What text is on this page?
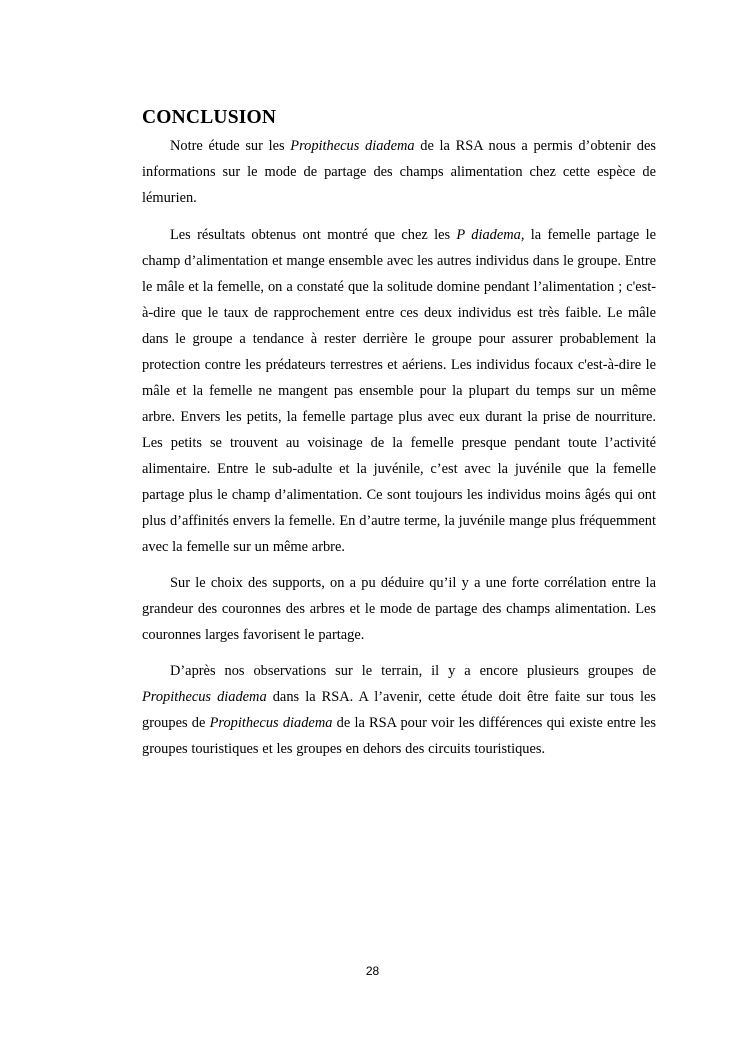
CONCLUSION

Notre étude sur les Propithecus diadema de la RSA nous a permis d’obtenir des informations sur le mode de partage des champs alimentation chez cette espèce de lémurien.

Les résultats obtenus ont montré que chez les P diadema, la femelle partage le champ d’alimentation et mange ensemble avec les autres individus dans le groupe. Entre le mâle et la femelle, on a constaté que la solitude domine pendant l’alimentation ; c'est-à-dire que le taux de rapprochement entre ces deux individus est très faible. Le mâle dans le groupe a tendance à rester derrière le groupe pour assurer probablement la protection contre les prédateurs terrestres et aériens. Les individus focaux c'est-à-dire le mâle et la femelle ne mangent pas ensemble pour la plupart du temps sur un même arbre. Envers les petits, la femelle partage plus avec eux durant la prise de nourriture. Les petits se trouvent au voisinage de la femelle presque pendant toute l’activité alimentaire. Entre le sub-adulte et la juvénile, c’est avec la juvénile que la femelle partage plus le champ d’alimentation. Ce sont toujours les individus moins âgés qui ont plus d’affinités envers la femelle. En d’autre terme, la juvénile mange plus fréquemment avec la femelle sur un même arbre.

Sur le choix des supports, on a pu déduire qu’il y a une forte corrélation entre la grandeur des couronnes des arbres et le mode de partage des champs alimentation. Les couronnes larges favorisent le partage.

D’après nos observations sur le terrain, il y a encore plusieurs groupes de Propithecus diadema dans la RSA. A l’avenir, cette étude doit être faite sur tous les groupes de Propithecus diadema de la RSA pour voir les différences qui existe entre les groupes touristiques et les groupes en dehors des circuits touristiques.

28
